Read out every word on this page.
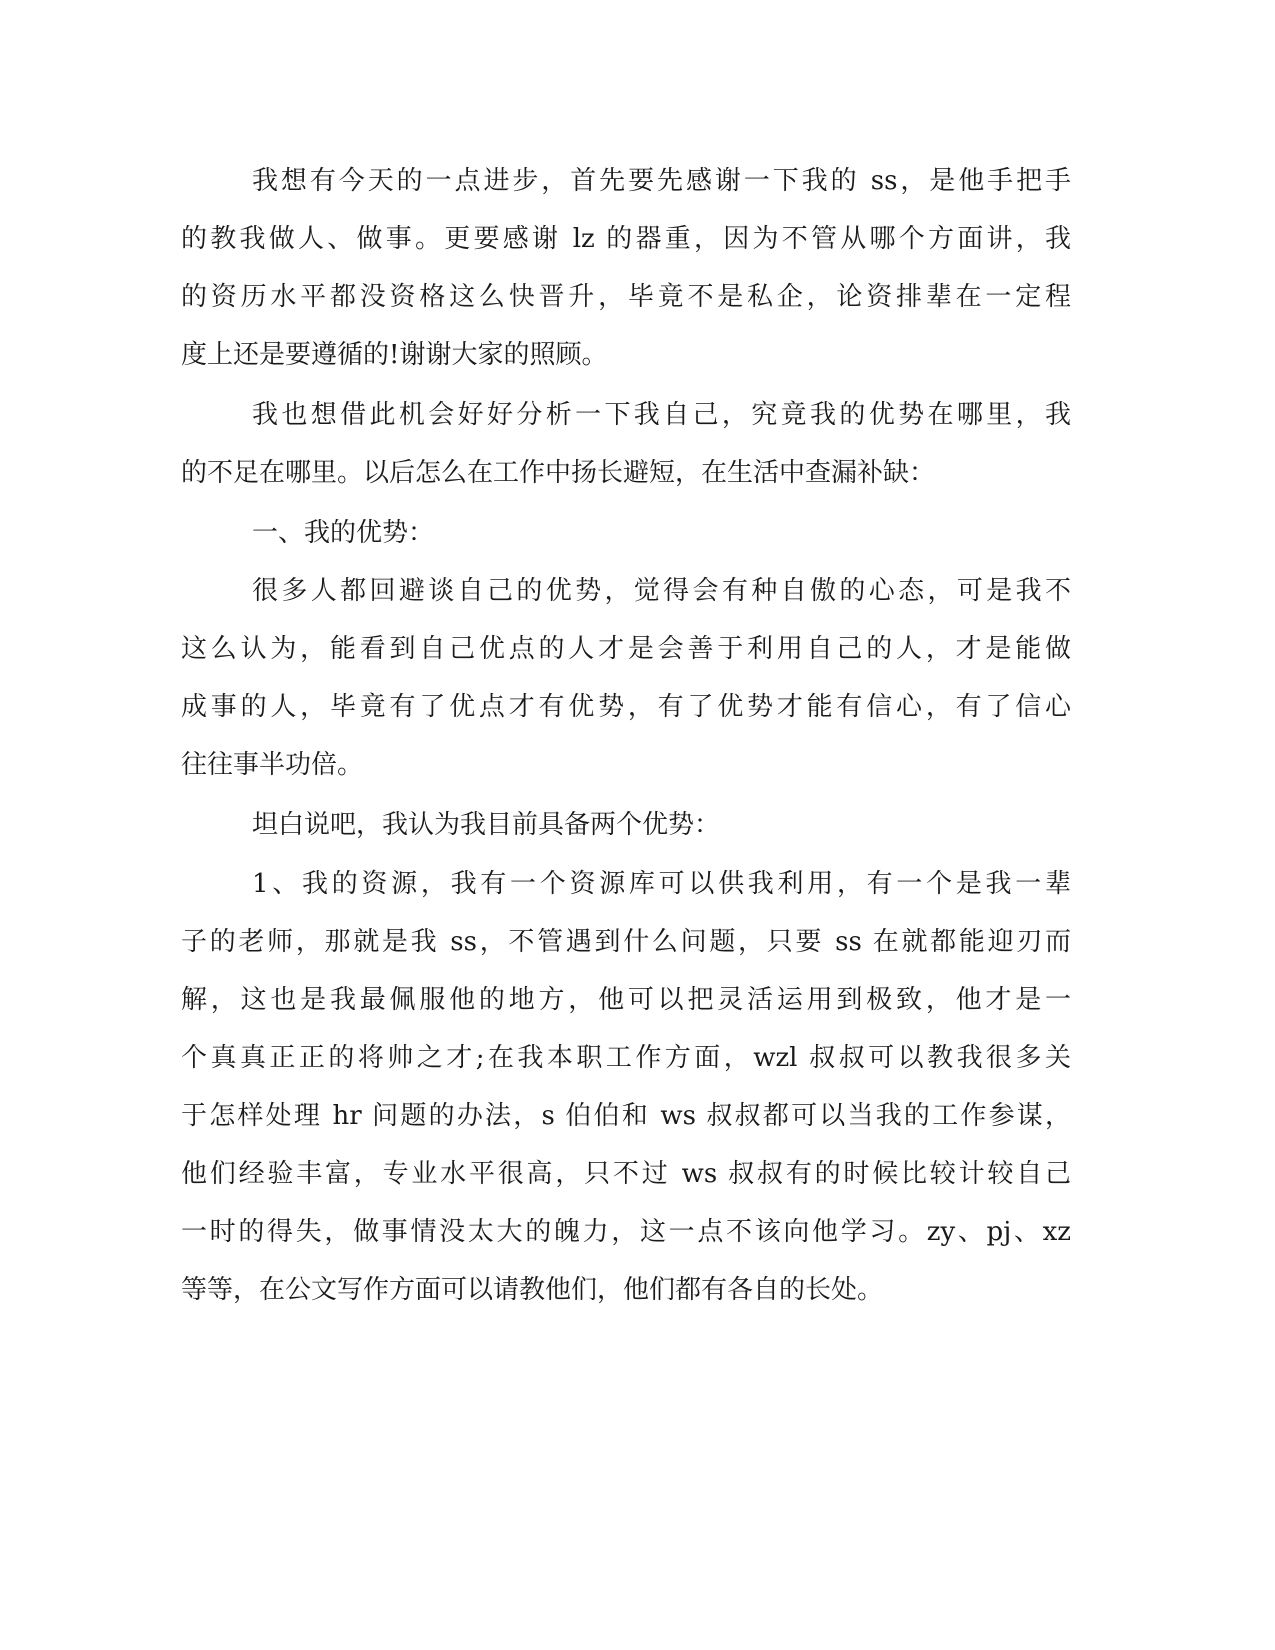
我想有今天的一点进步，首先要先感谢一下我的 ss，是他手把手
的教我做人、做事。更要感谢 lz 的器重，因为不管从哪个方面讲，我
的资历水平都没资格这么快晋升，毕竟不是私企，论资排辈在一定程
度上还是要遵循的!谢谢大家的照顾。
我也想借此机会好好分析一下我自己，究竟我的优势在哪里，我
的不足在哪里。以后怎么在工作中扬长避短，在生活中查漏补缺：
一、我的优势：
很多人都回避谈自己的优势，觉得会有种自傲的心态，可是我不
这么认为，能看到自己优点的人才是会善于利用自己的人，才是能做
成事的人，毕竟有了优点才有优势，有了优势才能有信心，有了信心
往往事半功倍。
坦白说吧，我认为我目前具备两个优势：
1、我的资源，我有一个资源库可以供我利用，有一个是我一辈
子的老师，那就是我 ss，不管遇到什么问题，只要 ss 在就都能迎刃而
解，这也是我最佩服他的地方，他可以把灵活运用到极致，他才是一
个真真正正的将帅之才;在我本职工作方面，wzl 叔叔可以教我很多关
于怎样处理 hr 问题的办法，s 伯伯和 ws 叔叔都可以当我的工作参谋，
他们经验丰富，专业水平很高，只不过 ws 叔叔有的时候比较计较自己
一时的得失，做事情没太大的魄力，这一点不该向他学习。zy、pj、xz
等等，在公文写作方面可以请教他们，他们都有各自的长处。
